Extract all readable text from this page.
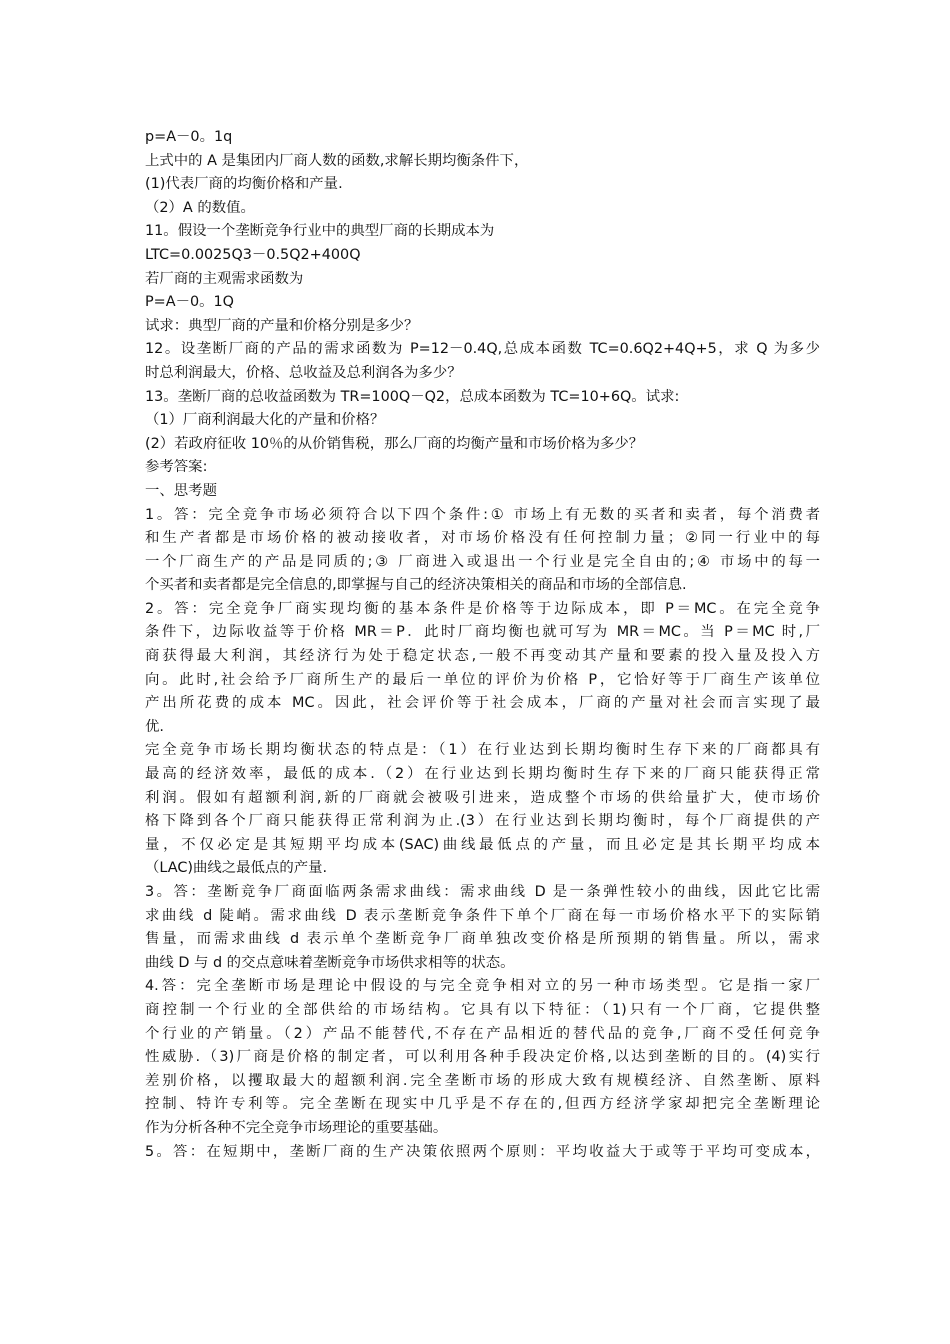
p=A－0。1q
上式中的 A 是集团内厂商人数的函数,求解长期均衡条件下，
(1)代表厂商的均衡价格和产量.
（2）A 的数值。
11。假设一个垄断竞争行业中的典型厂商的长期成本为
LTC=0.0025Q3－0.5Q2+400Q
若厂商的主观需求函数为
P=A－0。1Q
试求：典型厂商的产量和价格分别是多少？
12。设垄断厂商的产品的需求函数为 P=12－0.4Q,总成本函数 TC=0.6Q2+4Q+5，求 Q 为多少
时总利润最大，价格、总收益及总利润各为多少？
13。垄断厂商的总收益函数为 TR=100Q－Q2，总成本函数为 TC=10+6Q。试求:
（1）厂商利润最大化的产量和价格？
(2）若政府征收 10％的从价销售税，那么厂商的均衡产量和市场价格为多少？
参考答案:
一、思考题
1。答：完全竞争市场必须符合以下四个条件:① 市场上有无数的买者和卖者，每个消费者
和生产者都是市场价格的被动接收者，对市场价格没有任何控制力量；②同一行业中的每
一个厂商生产的产品是同质的;③ 厂商进入或退出一个行业是完全自由的;④ 市场中的每一
个买者和卖者都是完全信息的,即掌握与自己的经济决策相关的商品和市场的全部信息.
2。答：完全竞争厂商实现均衡的基本条件是价格等于边际成本，即 P＝MC。在完全竞争
条件下，边际收益等于价格 MR＝P．此时厂商均衡也就可写为 MR＝MC。当 P＝MC 时,厂
商获得最大利润，其经济行为处于稳定状态,一般不再变动其产量和要素的投入量及投入方
向。此时,社会给予厂商所生产的最后一单位的评价为价格 P，它恰好等于厂商生产该单位
产出所花费的成本 MC。因此，社会评价等于社会成本，厂商的产量对社会而言实现了最
优.
完全竞争市场长期均衡状态的特点是：（1）在行业达到长期均衡时生存下来的厂商都具有
最高的经济效率，最低的成本.（2）在行业达到长期均衡时生存下来的厂商只能获得正常
利润。假如有超额利润,新的厂商就会被吸引进来，造成整个市场的供给量扩大，使市场价
格下降到各个厂商只能获得正常利润为止.(3）在行业达到长期均衡时，每个厂商提供的产
量，不仅必定是其短期平均成本(SAC)曲线最低点的产量，而且必定是其长期平均成本
（LAC)曲线之最低点的产量.
3。答：垄断竞争厂商面临两条需求曲线：需求曲线 D 是一条弹性较小的曲线，因此它比需
求曲线 d 陡峭。需求曲线 D 表示垄断竞争条件下单个厂商在每一市场价格水平下的实际销
售量，而需求曲线 d 表示单个垄断竞争厂商单独改变价格是所预期的销售量。所以，需求
曲线 D 与 d 的交点意味着垄断竞争市场供求相等的状态。
4.答：完全垄断市场是理论中假设的与完全竞争相对立的另一种市场类型。它是指一家厂
商控制一个行业的全部供给的市场结构。它具有以下特征：（1)只有一个厂商，它提供整
个行业的产销量。（2）产品不能替代,不存在产品相近的替代品的竞争,厂商不受任何竞争
性威胁.（3)厂商是价格的制定者，可以利用各种手段决定价格,以达到垄断的目的。(4)实行
差别价格，以攫取最大的超额利润.完全垄断市场的形成大致有规模经济、自然垄断、原料
控制、特许专利等。完全垄断在现实中几乎是不存在的,但西方经济学家却把完全垄断理论
作为分析各种不完全竞争市场理论的重要基础。
5。答：在短期中，垄断厂商的生产决策依照两个原则：平均收益大于或等于平均可变成本，
